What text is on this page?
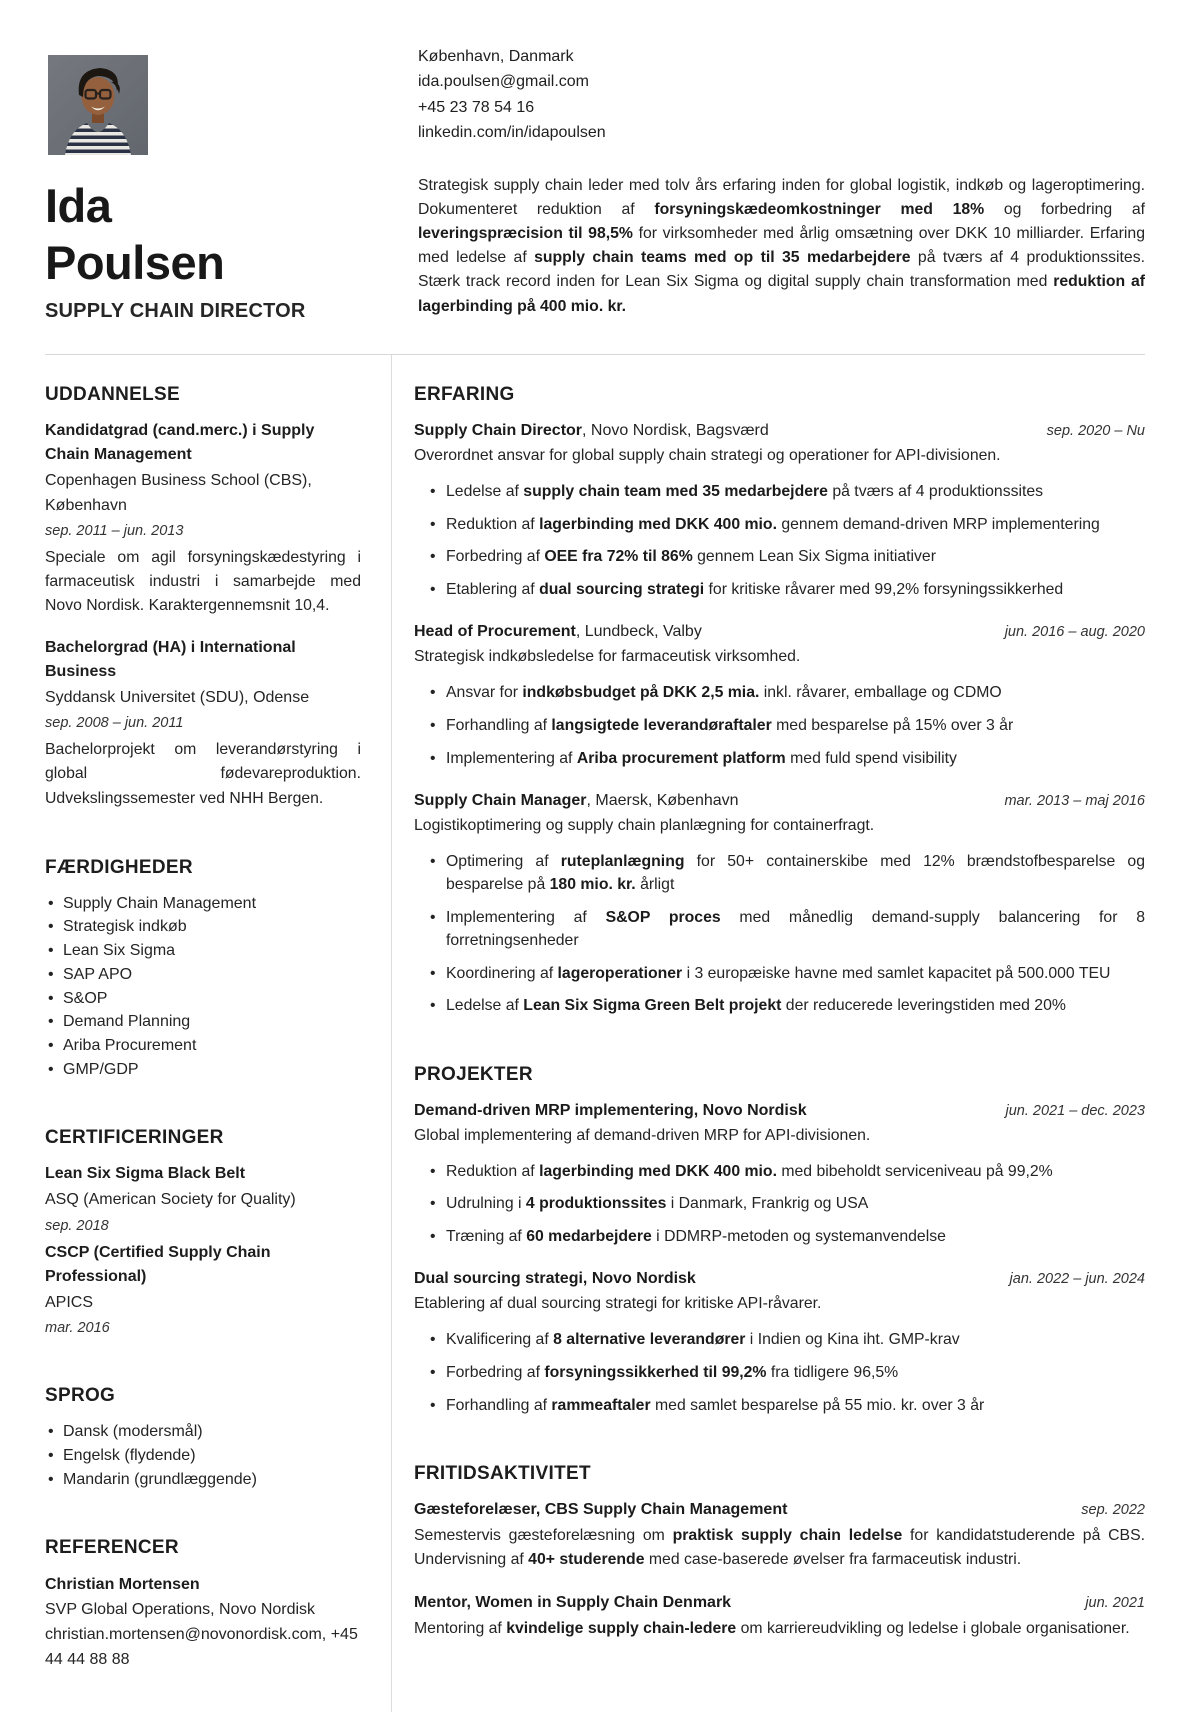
Ida
Poulsen
SUPPLY CHAIN DIRECTOR
København, Danmark
ida.poulsen@gmail.com
+45 23 78 54 16
linkedin.com/in/idapoulsen

Strategisk supply chain leder med tolv års erfaring inden for global logistik, indkøb og lageroptimering. Dokumenteret reduktion af forsyningskædeomkostninger med 18% og forbedring af leveringspræcision til 98,5% for virksomheder med årlig omsætning over DKK 10 milliarder. Erfaring med ledelse af supply chain teams med op til 35 medarbejdere på tværs af 4 produktionssites. Stærk track record inden for Lean Six Sigma og digital supply chain transformation med reduktion af lagerbinding på 400 mio. kr.

UDDANNELSE
Kandidatgrad (cand.merc.) i Supply Chain Management
Copenhagen Business School (CBS), København
sep. 2011 – jun. 2013
Speciale om agil forsyningskædestyring i farmaceutisk industri i samarbejde med Novo Nordisk. Karaktergennemsnit 10,4.
Bachelorgrad (HA) i International Business
Syddansk Universitet (SDU), Odense
sep. 2008 – jun. 2011
Bachelorprojekt om leverandørstyring i global fødevareproduktion. Udvekslingssemester ved NHH Bergen.
FÆRDIGHEDER
• Supply Chain Management
• Strategisk indkøb
• Lean Six Sigma
• SAP APO
• S&OP
• Demand Planning
• Ariba Procurement
• GMP/GDP
CERTIFICERINGER
Lean Six Sigma Black Belt
ASQ (American Society for Quality)
sep. 2018
CSCP (Certified Supply Chain Professional)
APICS
mar. 2016
SPROG
• Dansk (modersmål)
• Engelsk (flydende)
• Mandarin (grundlæggende)
REFERENCER
Christian Mortensen
SVP Global Operations, Novo Nordisk
christian.mortensen@novonordisk.com, +45 44 44 88 88
ERFARING
Supply Chain Director, Novo Nordisk, Bagsværd	sep. 2020 – Nu
Overordnet ansvar for global supply chain strategi og operationer for API-divisionen.
• Ledelse af supply chain team med 35 medarbejdere på tværs af 4 produktionssites
• Reduktion af lagerbinding med DKK 400 mio. gennem demand-driven MRP implementering
• Forbedring af OEE fra 72% til 86% gennem Lean Six Sigma initiativer
• Etablering af dual sourcing strategi for kritiske råvarer med 99,2% forsyningssikkerhed
Head of Procurement, Lundbeck, Valby	jun. 2016 – aug. 2020
Strategisk indkøbsledelse for farmaceutisk virksomhed.
• Ansvar for indkøbsbudget på DKK 2,5 mia. inkl. råvarer, emballage og CDMO
• Forhandling af langsigtede leverandøraftaler med besparelse på 15% over 3 år
• Implementering af Ariba procurement platform med fuld spend visibility
Supply Chain Manager, Maersk, København	mar. 2013 – maj 2016
Logistikoptimering og supply chain planlægning for containerfragt.
• Optimering af ruteplanlægning for 50+ containerskibe med 12% brændstofbesparelse og besparelse på 180 mio. kr. årligt
• Implementering af S&OP proces med månedlig demand-supply balancering for 8 forretningsenheder
• Koordinering af lageroperationer i 3 europæiske havne med samlet kapacitet på 500.000 TEU
• Ledelse af Lean Six Sigma Green Belt projekt der reducerede leveringstiden med 20%
PROJEKTER
Demand-driven MRP implementering, Novo Nordisk	jun. 2021 – dec. 2023
Global implementering af demand-driven MRP for API-divisionen.
• Reduktion af lagerbinding med DKK 400 mio. med bibeholdt serviceniveau på 99,2%
• Udrulning i 4 produktionssites i Danmark, Frankrig og USA
• Træning af 60 medarbejdere i DDMRP-metoden og systemanvendelse
Dual sourcing strategi, Novo Nordisk	jan. 2022 – jun. 2024
Etablering af dual sourcing strategi for kritiske API-råvarer.
• Kvalificering af 8 alternative leverandører i Indien og Kina iht. GMP-krav
• Forbedring af forsyningssikkerhed til 99,2% fra tidligere 96,5%
• Forhandling af rammeaftaler med samlet besparelse på 55 mio. kr. over 3 år
FRITIDSAKTIVITET
Gæsteforelæser, CBS Supply Chain Management	sep. 2022

Semestervis gæsteforelæsning om praktisk supply chain ledelse for kandidatstuderende på CBS. Undervisning af 40+ studerende med case-baserede øvelser fra farmaceutisk industri.

Mentor, Women in Supply Chain Denmark	jun. 2021

Mentoring af kvindelige supply chain-ledere om karriereudvikling og ledelse i globale organisationer.
